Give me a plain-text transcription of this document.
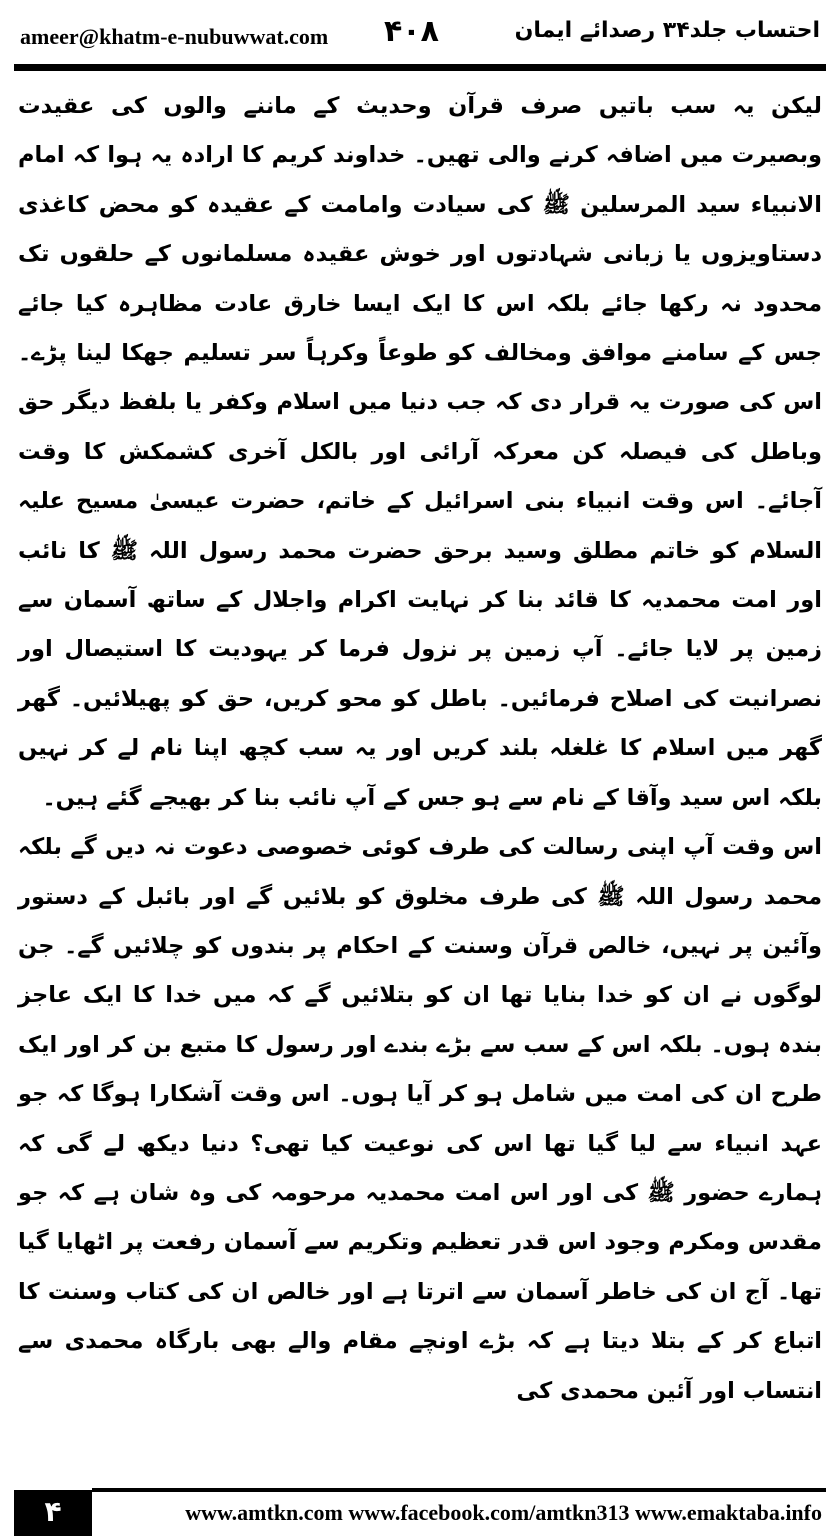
ameer@khatm-e-nubuwwat.com ۴۰۸	احتساب جلد۳۴ رصدائے ایمان

لیکن یہ سب باتیں صرف قرآن وحدیث کے ماننے والوں کی عقیدت وبصیرت میں اضافہ کرنے والی تھیں۔ خداوند کریم کا ارادہ یہ ہوا کہ امام الانبیاء سید المرسلین ﷺ کی سیادت وامامت کے عقیدہ کو محض کاغذی دستاویزوں یا زبانی شہادتوں اور خوش عقیدہ مسلمانوں کے حلقوں تک محدود نہ رکھا جائے بلکہ اس کا ایک ایسا خارق عادت مظاہرہ کیا جائے جس کے سامنے موافق ومخالف کو طوعاً وکرہاً سر تسلیم جھکا لینا پڑے۔ اس کی صورت یہ قرار دی کہ جب دنیا میں اسلام وکفر یا بلفظ دیگر حق وباطل کی فیصلہ کن معرکہ آرائی اور بالکل آخری کشمکش کا وقت آجائے۔ اس وقت انبیاء بنی اسرائیل کے خاتم، حضرت عیسیٰ مسیح علیہ السلام کو خاتم مطلق وسید برحق حضرت محمد رسول اللہ ﷺ کا نائب اور امت محمدیہ کا قائد بنا کر نہایت اکرام واجلال کے ساتھ آسمان سے زمین پر لایا جائے۔ آپ زمین پر نزول فرما کر یہودیت کا استیصال اور نصرانیت کی اصلاح فرمائیں۔ باطل کو محو کریں، حق کو پھیلائیں۔ گھر گھر میں اسلام کا غلغلہ بلند کریں اور یہ سب کچھ اپنا نام لے کر نہیں بلکہ اس سید وآقا کے نام سے ہو جس کے آپ نائب بنا کر بھیجے گئے ہیں۔

اس وقت آپ اپنی رسالت کی طرف کوئی خصوصی دعوت نہ دیں گے بلکہ محمد رسول اللہ ﷺ کی طرف مخلوق کو بلائیں گے اور بائبل کے دستور وآئین پر نہیں، خالص قرآن وسنت کے احکام پر بندوں کو چلائیں گے۔ جن لوگوں نے ان کو خدا بنایا تھا ان کو بتلائیں گے کہ میں خدا کا ایک عاجز بندہ ہوں۔ بلکہ اس کے سب سے بڑے بندے اور رسول کا متبع بن کر اور ایک طرح ان کی امت میں شامل ہو کر آیا ہوں۔ اس وقت آشکارا ہوگا کہ جو عہد انبیاء سے لیا گیا تھا اس کی نوعیت کیا تھی؟ دنیا دیکھ لے گی کہ ہمارے حضور ﷺ کی اور اس امت محمدیہ مرحومہ کی وہ شان ہے کہ جو مقدس ومکرم وجود اس قدر تعظیم وتکریم سے آسمان رفعت پر اٹھایا گیا تھا۔ آج ان کی خاطر آسمان سے اترتا ہے اور خالص ان کی کتاب وسنت کا اتباع کر کے بتلا دیتا ہے کہ بڑے اونچے مقام والے بھی بارگاہ محمدی سے انتساب اور آئین محمدی کی

۴	www.amtkn.com www.facebook.com/amtkn313 www.emaktaba.info
